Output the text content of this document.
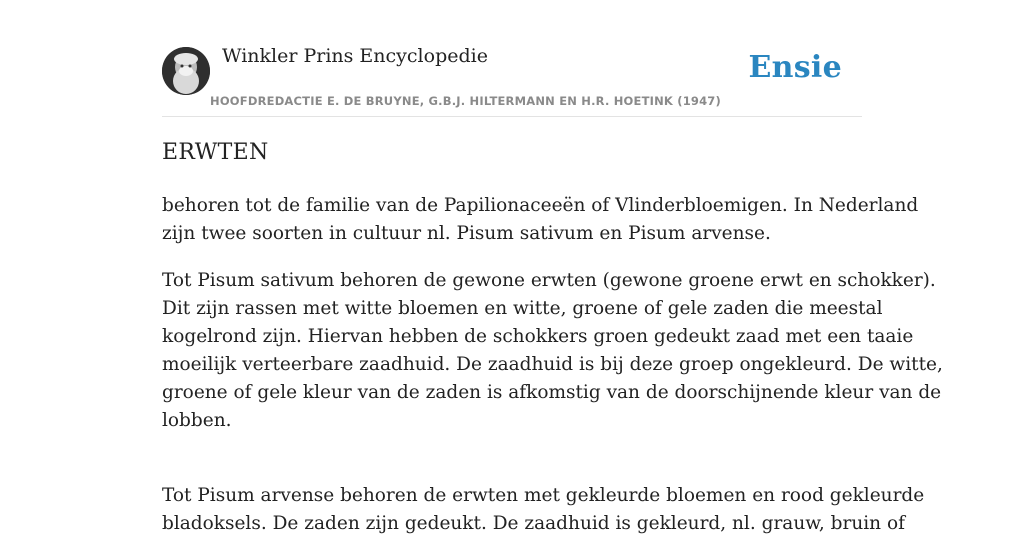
Winkler Prins Encyclopedie
HOOFDREDACTIE E. DE BRUYNE, G.B.J. HILTERMANN EN H.R. HOETINK (1947)
Ensie
ERWTEN

behoren tot de familie van de Papilionaceeën of Vlinderbloemigen. In Nederland
zijn twee soorten in cultuur nl. Pisum sativum en Pisum arvense.

Tot Pisum sativum behoren de gewone erwten (gewone groene erwt en schokker).
Dit zijn rassen met witte bloemen en witte, groene of gele zaden die meestal
kogelrond zijn. Hiervan hebben de schokkers groen gedeukt zaad met een taaie
moeilijk verteerbare zaadhuid. De zaadhuid is bij deze groep ongekleurd. De witte,
groene of gele kleur van de zaden is afkomstig van de doorschijnende kleur van de
lobben.

Tot Pisum arvense behoren de erwten met gekleurde bloemen en rood gekleurde
bladoksels. De zaden zijn gedeukt. De zaadhuid is gekleurd, nl. grauw, bruin of
